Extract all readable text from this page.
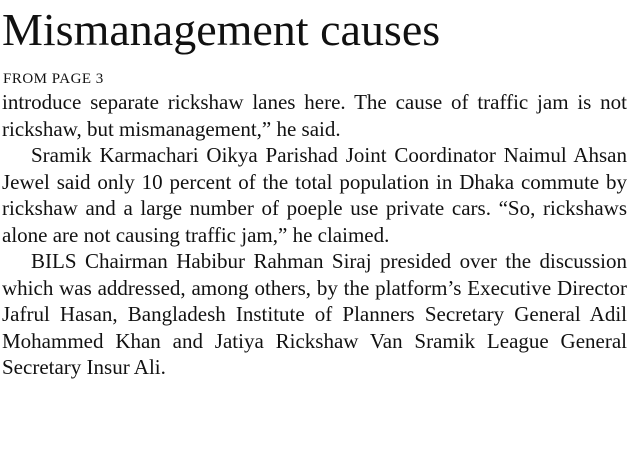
Mismanagement causes
FROM PAGE 3

introduce separate rickshaw lanes here. The cause of traffic jam is not rickshaw, but mismanagement,” he said.

Sramik Karmachari Oikya Parishad Joint Coordinator Naimul Ahsan Jewel said only 10 percent of the total population in Dhaka commute by rickshaw and a large number of poeple use private cars. “So, rickshaws alone are not causing traffic jam,” he claimed.

BILS Chairman Habibur Rahman Siraj presided over the discussion which was addressed, among others, by the platform’s Executive Director Jafrul Hasan, Bangladesh Institute of Planners Secretary General Adil Mohammed Khan and Jatiya Rickshaw Van Sramik League General Secretary Insur Ali.
